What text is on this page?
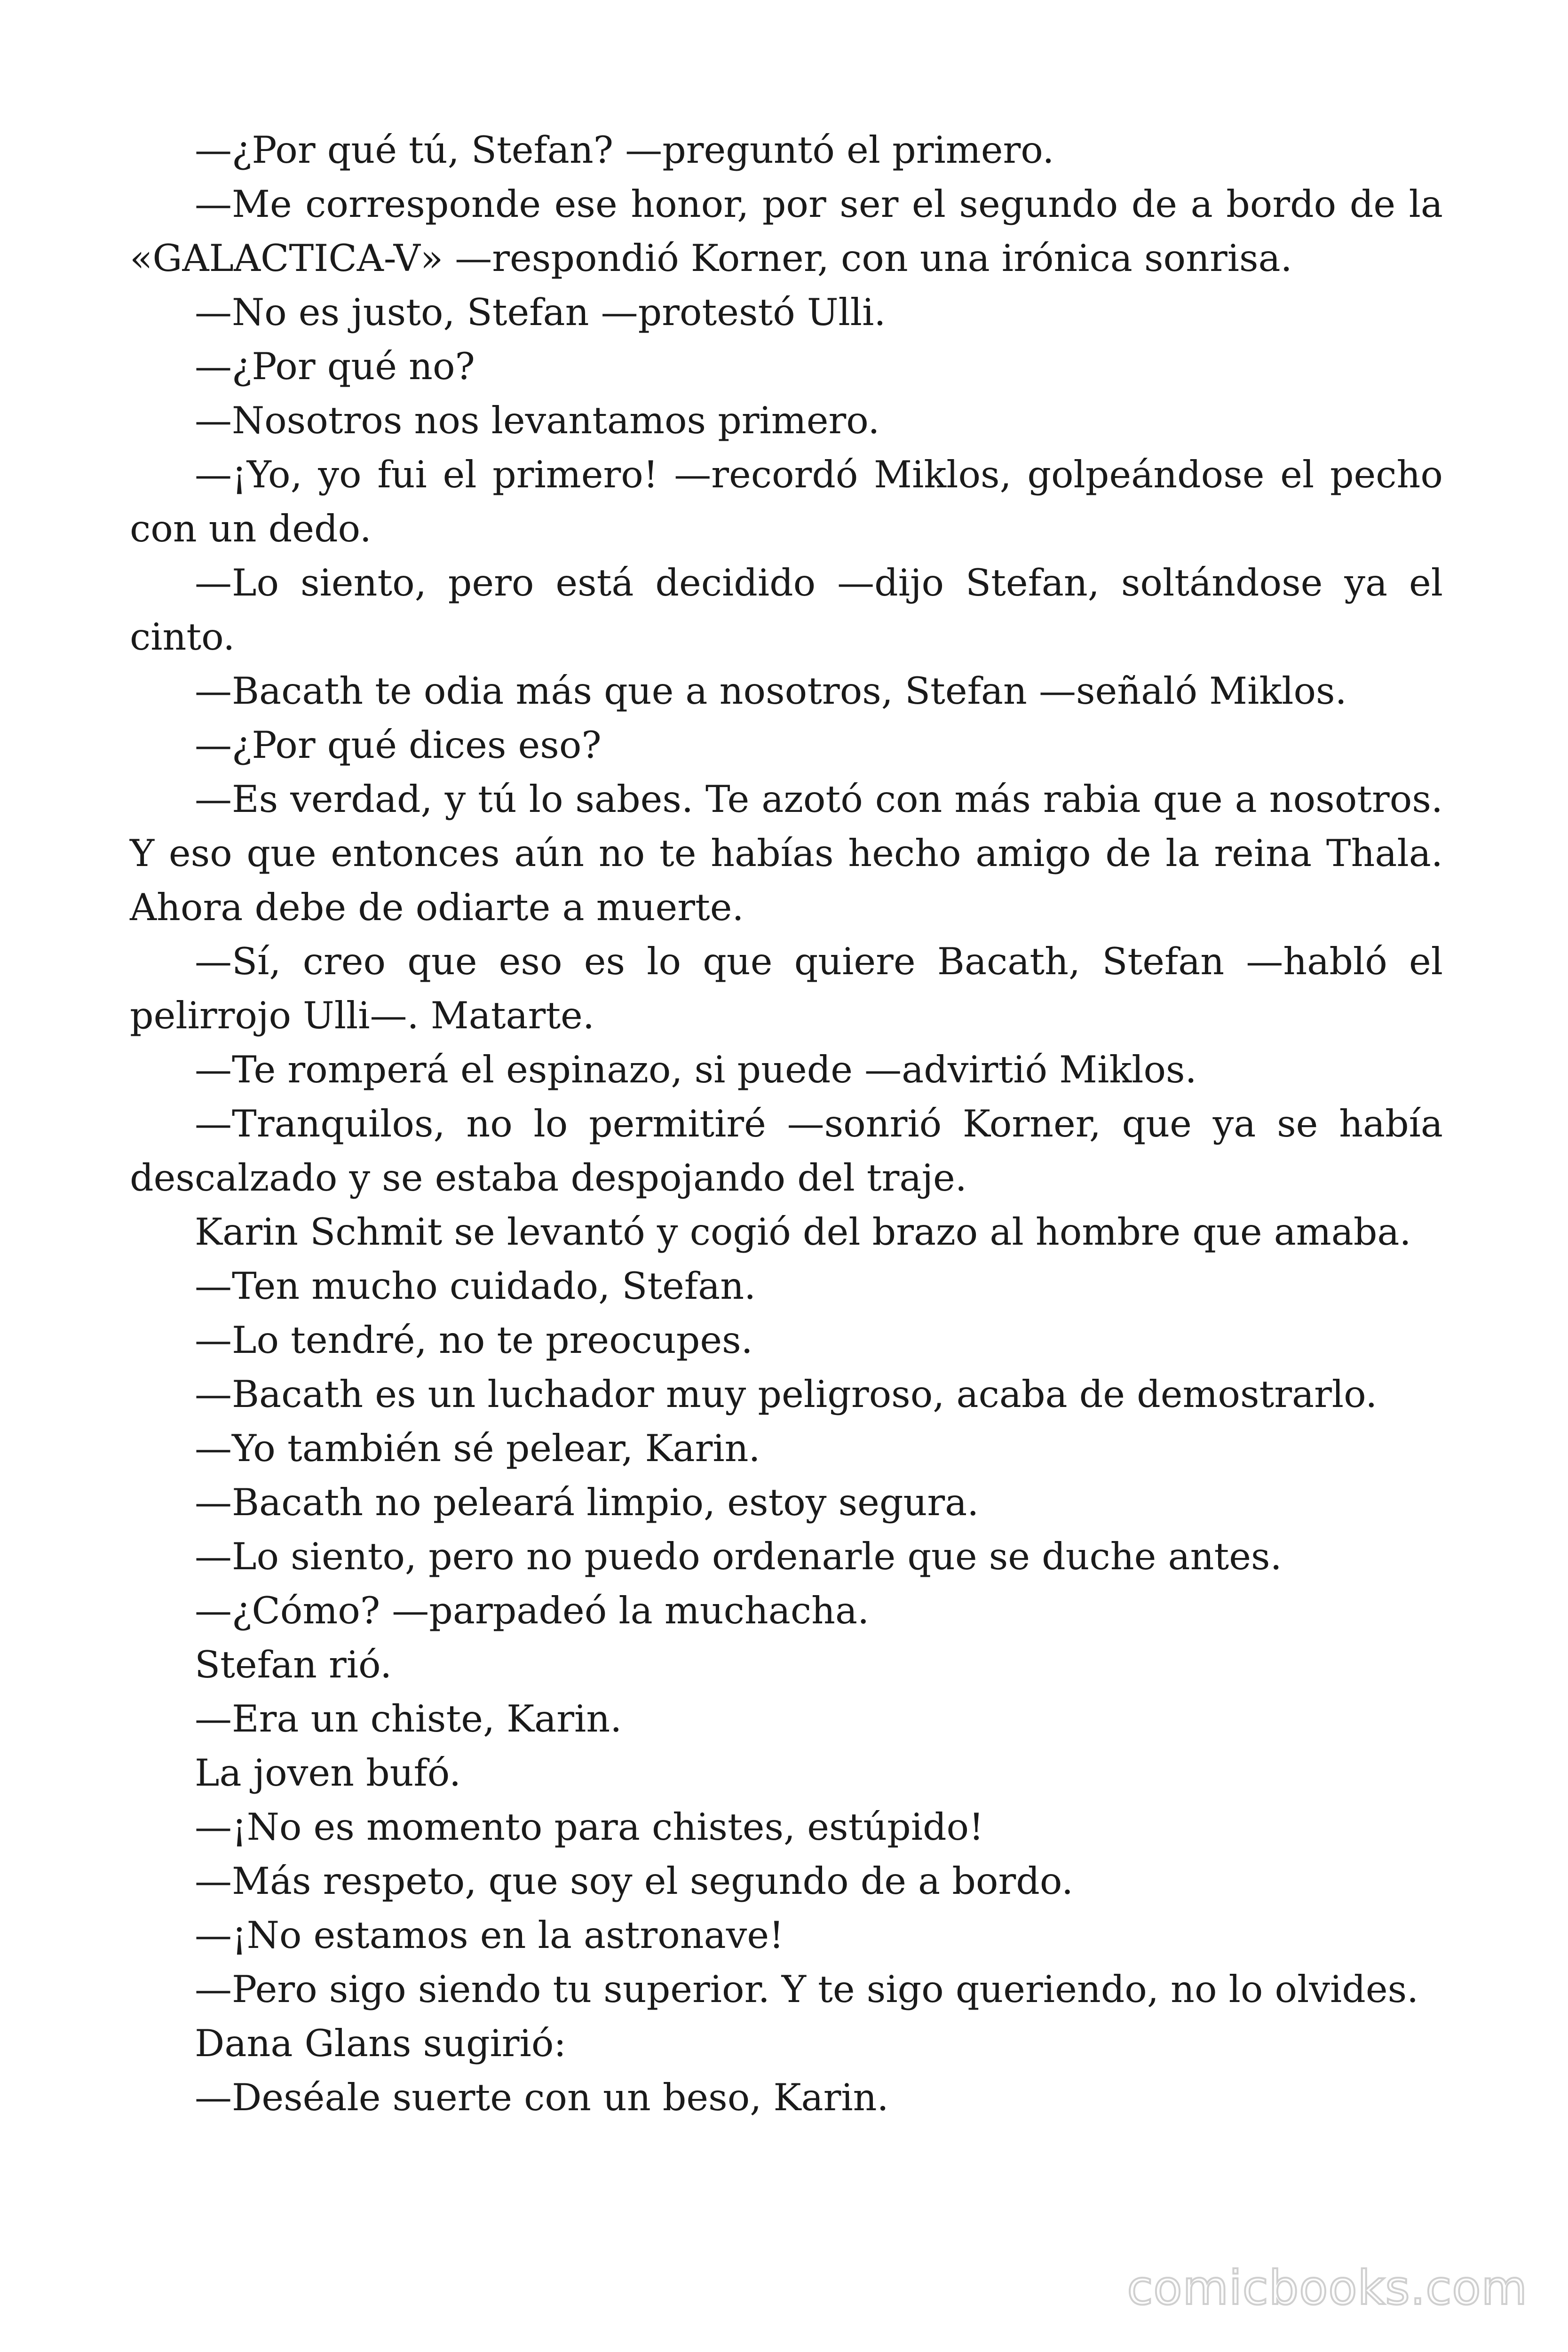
—¿Por qué tú, Stefan? —preguntó el primero.

—Me corresponde ese honor, por ser el segundo de a bordo de la «GALACTICA-V» —respondió Korner, con una irónica sonrisa.

—No es justo, Stefan —protestó Ulli.

—¿Por qué no?

—Nosotros nos levantamos primero.

—¡Yo, yo fui el primero! —recordó Miklos, golpeándose el pecho con un dedo.

—Lo siento, pero está decidido —dijo Stefan, soltándose ya el cinto.

—Bacath te odia más que a nosotros, Stefan —señaló Miklos.

—¿Por qué dices eso?

—Es verdad, y tú lo sabes. Te azotó con más rabia que a nosotros. Y eso que entonces aún no te habías hecho amigo de la reina Thala. Ahora debe de odiarte a muerte.

—Sí, creo que eso es lo que quiere Bacath, Stefan —habló el pelirrojo Ulli—. Matarte.

—Te romperá el espinazo, si puede —advirtió Miklos.

—Tranquilos, no lo permitiré —sonrió Korner, que ya se había descalzado y se estaba despojando del traje.

Karin Schmit se levantó y cogió del brazo al hombre que amaba.

—Ten mucho cuidado, Stefan.

—Lo tendré, no te preocupes.

—Bacath es un luchador muy peligroso, acaba de demostrarlo.

—Yo también sé pelear, Karin.

—Bacath no peleará limpio, estoy segura.

—Lo siento, pero no puedo ordenarle que se duche antes.

—¿Cómo? —parpadeó la muchacha.

Stefan rió.

—Era un chiste, Karin.

La joven bufó.

—¡No es momento para chistes, estúpido!

—Más respeto, que soy el segundo de a bordo.

—¡No estamos en la astronave!

—Pero sigo siendo tu superior. Y te sigo queriendo, no lo olvides.

Dana Glans sugirió:

—Deséale suerte con un beso, Karin.

comicbooks.com
